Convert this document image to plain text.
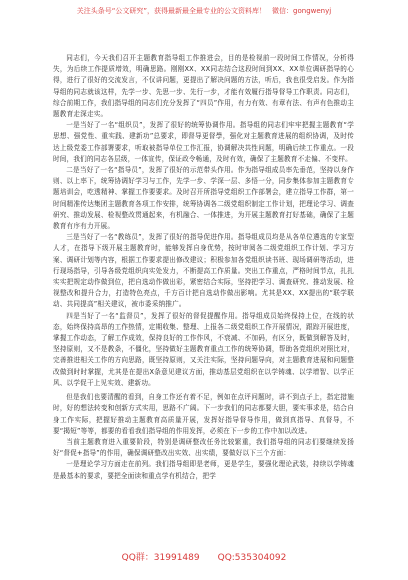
关注头条号“公文研究”，获得最新最全最专业的公文资料库！ 微信：gongwenyj

同志们，今天我们召开主题教育指导组工作推进会，目的是检视前一段时间工作情况，分析得失，为后续工作提质增效，明确思路。刚刚XX、XX同志结合这段时间到XX、XX单位调研指导的心得，进行了很好的交流发言，不仅讲问题，更提出了解决问题的方法，听后，我也很受启发。作为指导组的同志就该这样，先学一步、先思一步、先行一步，才能有效履行指导督导工作职责。同志们，综合前期工作，我们指导组的同志们充分发挥了“四员”作用，有力有效、有章有法、有声有色推动主题教育走深走实。

一是当好了一名“组织员”，发挥了很好的统筹协调作用。指导组的同志们牢牢把握主题教育“学思想、强党性、重实践、建新功”总要求，即督导更督學，强化对主题教育进展的组织协调，及时传达上级党委工作部署要求，听取被指导单位工作汇报，协调解决共性问题，明确后续工作重点。一段时间，我们的同志各层级，一体宣传，保证政令畅通，及时有效，确保了主题教育不走偏、不变样。

二是当好了一名“指导员”，发挥了很好的示范带头作用。作为指导组成员率先垂范，坚持以身作则、以上率下，统筹协调好学习与工作，先学一步、学深一层、多悟一分，同步集体参加主题教育专题培训会，吃透精神、掌握工作要要求。及时召开所指导党组织工作部署会，建立指导工作群，第一时间精准传达集团主题教育各项工作安排，统筹协调各二级党组织制定工作计划，把理论学习、调查研究、推动发展、检视整改贯通起来，有机融合、一体推进，为开展主题教育打好基础，确保了主题教育有序有力开展。

三是当好了一名“教练员”，发挥了很好的指导促进作用。指导组成员均是从各单位遴选的专家型人才，在指导下级开展主题教育时，能够发挥自身优势，按时审阅各二级党组织工作计划、学习方案、调研计划等内容，根据工作要求提出修改建议；积极参加各党组织读书班、现场调研等活动，进行现场指导，引导各级党组织向实处发力，不断提高工作质量。突出工作重点，严格时间节点，扎扎实实把规定动作做到位，把自选动作做出彩，紧密结合实际，坚持把学习、调查研究、推动发展、检视整改和提升合力，打造特色亮点，千方百计把自选动作做出影响。尤其是XX、XX提出的“联学联动、共同提高”相关建议，被市委采纳推广。

四是当好了一名“监督员”，发挥了很好的督促提醒作用。指导组成员始终保持上位，在线的状态，始终保持高昂的工作热情，定期收集、整理、上报各二级党组织工作开展情况，跟踪开展进度，掌握工作动态，了解工作成效，保持良好的工作作风，不衰减、不加码，有区分，既做到解答及时，坚持原则，又不是教条，不僵化，坚持做好主题教育重点工作的统筹协调，帮助各党组织对照比对，完善推进相关工作的方向思路，既坚持原则，又关注实际，坚持问题导向，对主题教育进展和问题整改做到时时掌握，尤其是在提出X条意见建议方面，推动基层党组织在以学铸魂、以学增智、以学正风、以学促干上见实效、建新功。

但是我们也要清醒的看到，自身工作还有着不足，例如在点评问题时，讲不到点子上，指定措施时，好的想法转变和创新方式实用，思路不广阔。下一步我们的同志都要大胆，要实事求是，结合自身工作实际，把握好推动主题教育高质量开展，发挥好指导督导作用，做到真指导、真督导，不要“揭短”等等，都要的看看我们指导组的作用发挥，必须在下一步的工作中加以改进。

当前主题教育进入重要阶段，特别是调研整改任务比较繁重，我们指导组的同志们要继续发扬好“督促+指导”的作用，确保调研整改出实效、出实绩，要做好以下三个方面：

一是理论学习方面走在前列。我们指导组即是老师，更是学生，要强化理论武装，持续以学铸魂是最基本的要求，要把全面读和重点学有机结合，把学

QQ群：31991489 QQ:535304092
